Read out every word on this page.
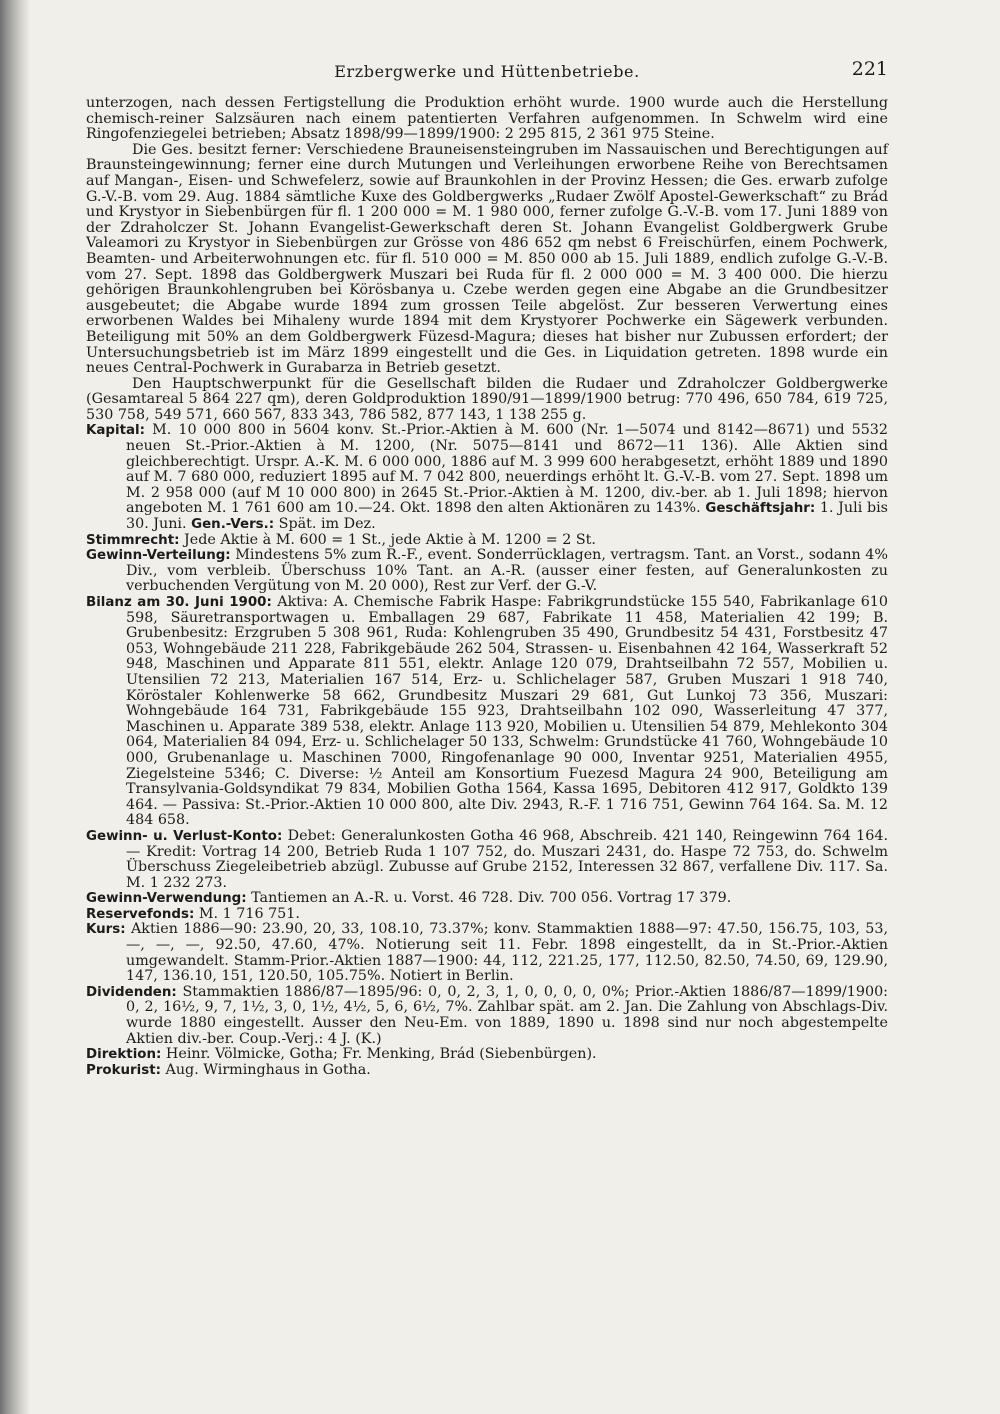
Erzbergwerke und Hüttenbetriebe.	221

unterzogen, nach dessen Fertigstellung die Produktion erhöht wurde. 1900 wurde auch die Herstellung chemisch-reiner Salzsäuren nach einem patentierten Verfahren aufgenommen. In Schwelm wird eine Ringofenziegelei betrieben; Absatz 1898/99—1899/1900: 2 295 815, 2 361 975 Steine.

Die Ges. besitzt ferner: Verschiedene Brauneisensteingruben im Nassauischen und Berechtigungen auf Braunsteingewinnung; ferner eine durch Mutungen und Verleihungen erworbene Reihe von Berechtsamen auf Mangan-, Eisen- und Schwefelerz, sowie auf Braunkohlen in der Provinz Hessen; die Ges. erwarb zufolge G.-V.-B. vom 29. Aug. 1884 sämtliche Kuxe des Goldbergwerks „Rudaer Zwölf Apostel-Gewerkschaft“ zu Brád und Krystyor in Siebenbürgen für fl. 1 200 000 = M. 1 980 000, ferner zufolge G.-V.-B. vom 17. Juni 1889 von der Zdraholczer St. Johann Evangelist-Gewerkschaft deren St. Johann Evangelist Goldbergwerk Grube Valeamori zu Krystyor in Siebenbürgen zur Grösse von 486 652 qm nebst 6 Freischürfen, einem Pochwerk, Beamten- und Arbeiterwohnungen etc. für fl. 510 000 = M. 850 000 ab 15. Juli 1889, endlich zufolge G.-V.-B. vom 27. Sept. 1898 das Goldbergwerk Muszari bei Ruda für fl. 2 000 000 = M. 3 400 000. Die hierzu gehörigen Braunkohlengruben bei Körösbanya u. Czebe werden gegen eine Abgabe an die Grundbesitzer ausgebeutet; die Abgabe wurde 1894 zum grossen Teile abgelöst. Zur besseren Verwertung eines erworbenen Waldes bei Mihaleny wurde 1894 mit dem Krystyorer Pochwerke ein Sägewerk verbunden. Beteiligung mit 50% an dem Goldbergwerk Füzesd-Magura; dieses hat bisher nur Zubussen erfordert; der Untersuchungsbetrieb ist im März 1899 eingestellt und die Ges. in Liquidation getreten. 1898 wurde ein neues Central-Pochwerk in Gurabarza in Betrieb gesetzt.

Den Hauptschwerpunkt für die Gesellschaft bilden die Rudaer und Zdraholczer Goldbergwerke (Gesamtareal 5 864 227 qm), deren Goldproduktion 1890/91—1899/1900 betrug: 770 496, 650 784, 619 725, 530 758, 549 571, 660 567, 833 343, 786 582, 877 143, 1 138 255 g.

Kapital: M. 10 000 800 in 5604 konv. St.-Prior.-Aktien à M. 600 (Nr. 1—5074 und 8142—8671) und 5532 neuen St.-Prior.-Aktien à M. 1200, (Nr. 5075—8141 und 8672—11 136). Alle Aktien sind gleichberechtigt. Urspr. A.-K. M. 6 000 000, 1886 auf M. 3 999 600 herabgesetzt, erhöht 1889 und 1890 auf M. 7 680 000, reduziert 1895 auf M. 7 042 800, neuerdings erhöht lt. G.-V.-B. vom 27. Sept. 1898 um M. 2 958 000 (auf M 10 000 800) in 2645 St.-Prior.-Aktien à M. 1200, div.-ber. ab 1. Juli 1898; hiervon angeboten M. 1 761 600 am 10.—24. Okt. 1898 den alten Aktionären zu 143%. Geschäftsjahr: 1. Juli bis 30. Juni. Gen.-Vers.: Spät. im Dez.

Stimmrecht: Jede Aktie à M. 600 = 1 St., jede Aktie à M. 1200 = 2 St.

Gewinn-Verteilung: Mindestens 5% zum R.-F., event. Sonderrücklagen, vertragsm. Tant. an Vorst., sodann 4% Div., vom verbleib. Überschuss 10% Tant. an A.-R. (ausser einer festen, auf Generalunkosten zu verbuchenden Vergütung von M. 20 000), Rest zur Verf. der G.-V.

Bilanz am 30. Juni 1900: Aktiva: A. Chemische Fabrik Haspe: Fabrikgrundstücke 155 540, Fabrikanlage 610 598, Säuretransportwagen u. Emballagen 29 687, Fabrikate 11 458, Materialien 42 199; B. Grubenbesitz: Erzgruben 5 308 961, Ruda: Kohlengruben 35 490, Grundbesitz 54 431, Forstbesitz 47 053, Wohngebäude 211 228, Fabrikgebäude 262 504, Strassen- u. Eisenbahnen 42 164, Wasserkraft 52 948, Maschinen und Apparate 811 551, elektr. Anlage 120 079, Drahtseilbahn 72 557, Mobilien u. Utensilien 72 213, Materialien 167 514, Erz- u. Schlichelager 587, Gruben Muszari 1 918 740, Köröstaler Kohlenwerke 58 662, Grundbesitz Muszari 29 681, Gut Lunkoj 73 356, Muszari: Wohngebäude 164 731, Fabrikgebäude 155 923, Drahtseilbahn 102 090, Wasserleitung 47 377, Maschinen u. Apparate 389 538, elektr. Anlage 113 920, Mobilien u. Utensilien 54 879, Mehlekonto 304 064, Materialien 84 094, Erz- u. Schlichelager 50 133, Schwelm: Grundstücke 41 760, Wohngebäude 10 000, Grubenanlage u. Maschinen 7000, Ringofenanlage 90 000, Inventar 9251, Materialien 4955, Ziegelsteine 5346; C. Diverse: ½ Anteil am Konsortium Fuezesd Magura 24 900, Beteiligung am Transylvania-Goldsyndikat 79 834, Mobilien Gotha 1564, Kassa 1695, Debitoren 412 917, Goldkto 139 464. — Passiva: St.-Prior.-Aktien 10 000 800, alte Div. 2943, R.-F. 1 716 751, Gewinn 764 164. Sa. M. 12 484 658.

Gewinn- u. Verlust-Konto: Debet: Generalunkosten Gotha 46 968, Abschreib. 421 140, Reingewinn 764 164. — Kredit: Vortrag 14 200, Betrieb Ruda 1 107 752, do. Muszari 2431, do. Haspe 72 753, do. Schwelm Überschuss Ziegeleibetrieb abzügl. Zubusse auf Grube 2152, Interessen 32 867, verfallene Div. 117. Sa. M. 1 232 273.

Gewinn-Verwendung: Tantiemen an A.-R. u. Vorst. 46 728. Div. 700 056. Vortrag 17 379.

Reservefonds: M. 1 716 751.

Kurs: Aktien 1886—90: 23.90, 20, 33, 108.10, 73.37%; konv. Stammaktien 1888—97: 47.50, 156.75, 103, 53, —, —, —, 92.50, 47.60, 47%. Notierung seit 11. Febr. 1898 eingestellt, da in St.-Prior.-Aktien umgewandelt. Stamm-Prior.-Aktien 1887—1900: 44, 112, 221.25, 177, 112.50, 82.50, 74.50, 69, 129.90, 147, 136.10, 151, 120.50, 105.75%. Notiert in Berlin.

Dividenden: Stammaktien 1886/87—1895/96: 0, 0, 2, 3, 1, 0, 0, 0, 0, 0%; Prior.-Aktien 1886/87—1899/1900: 0, 2, 16½, 9, 7, 1½, 3, 0, 1½, 4½, 5, 6, 6½, 7%. Zahlbar spät. am 2. Jan. Die Zahlung von Abschlags-Div. wurde 1880 eingestellt. Ausser den Neu-Em. von 1889, 1890 u. 1898 sind nur noch abgestempelte Aktien div.-ber. Coup.-Verj.: 4 J. (K.)

Direktion: Heinr. Völmicke, Gotha; Fr. Menking, Brád (Siebenbürgen).

Prokurist: Aug. Wirminghaus in Gotha.
